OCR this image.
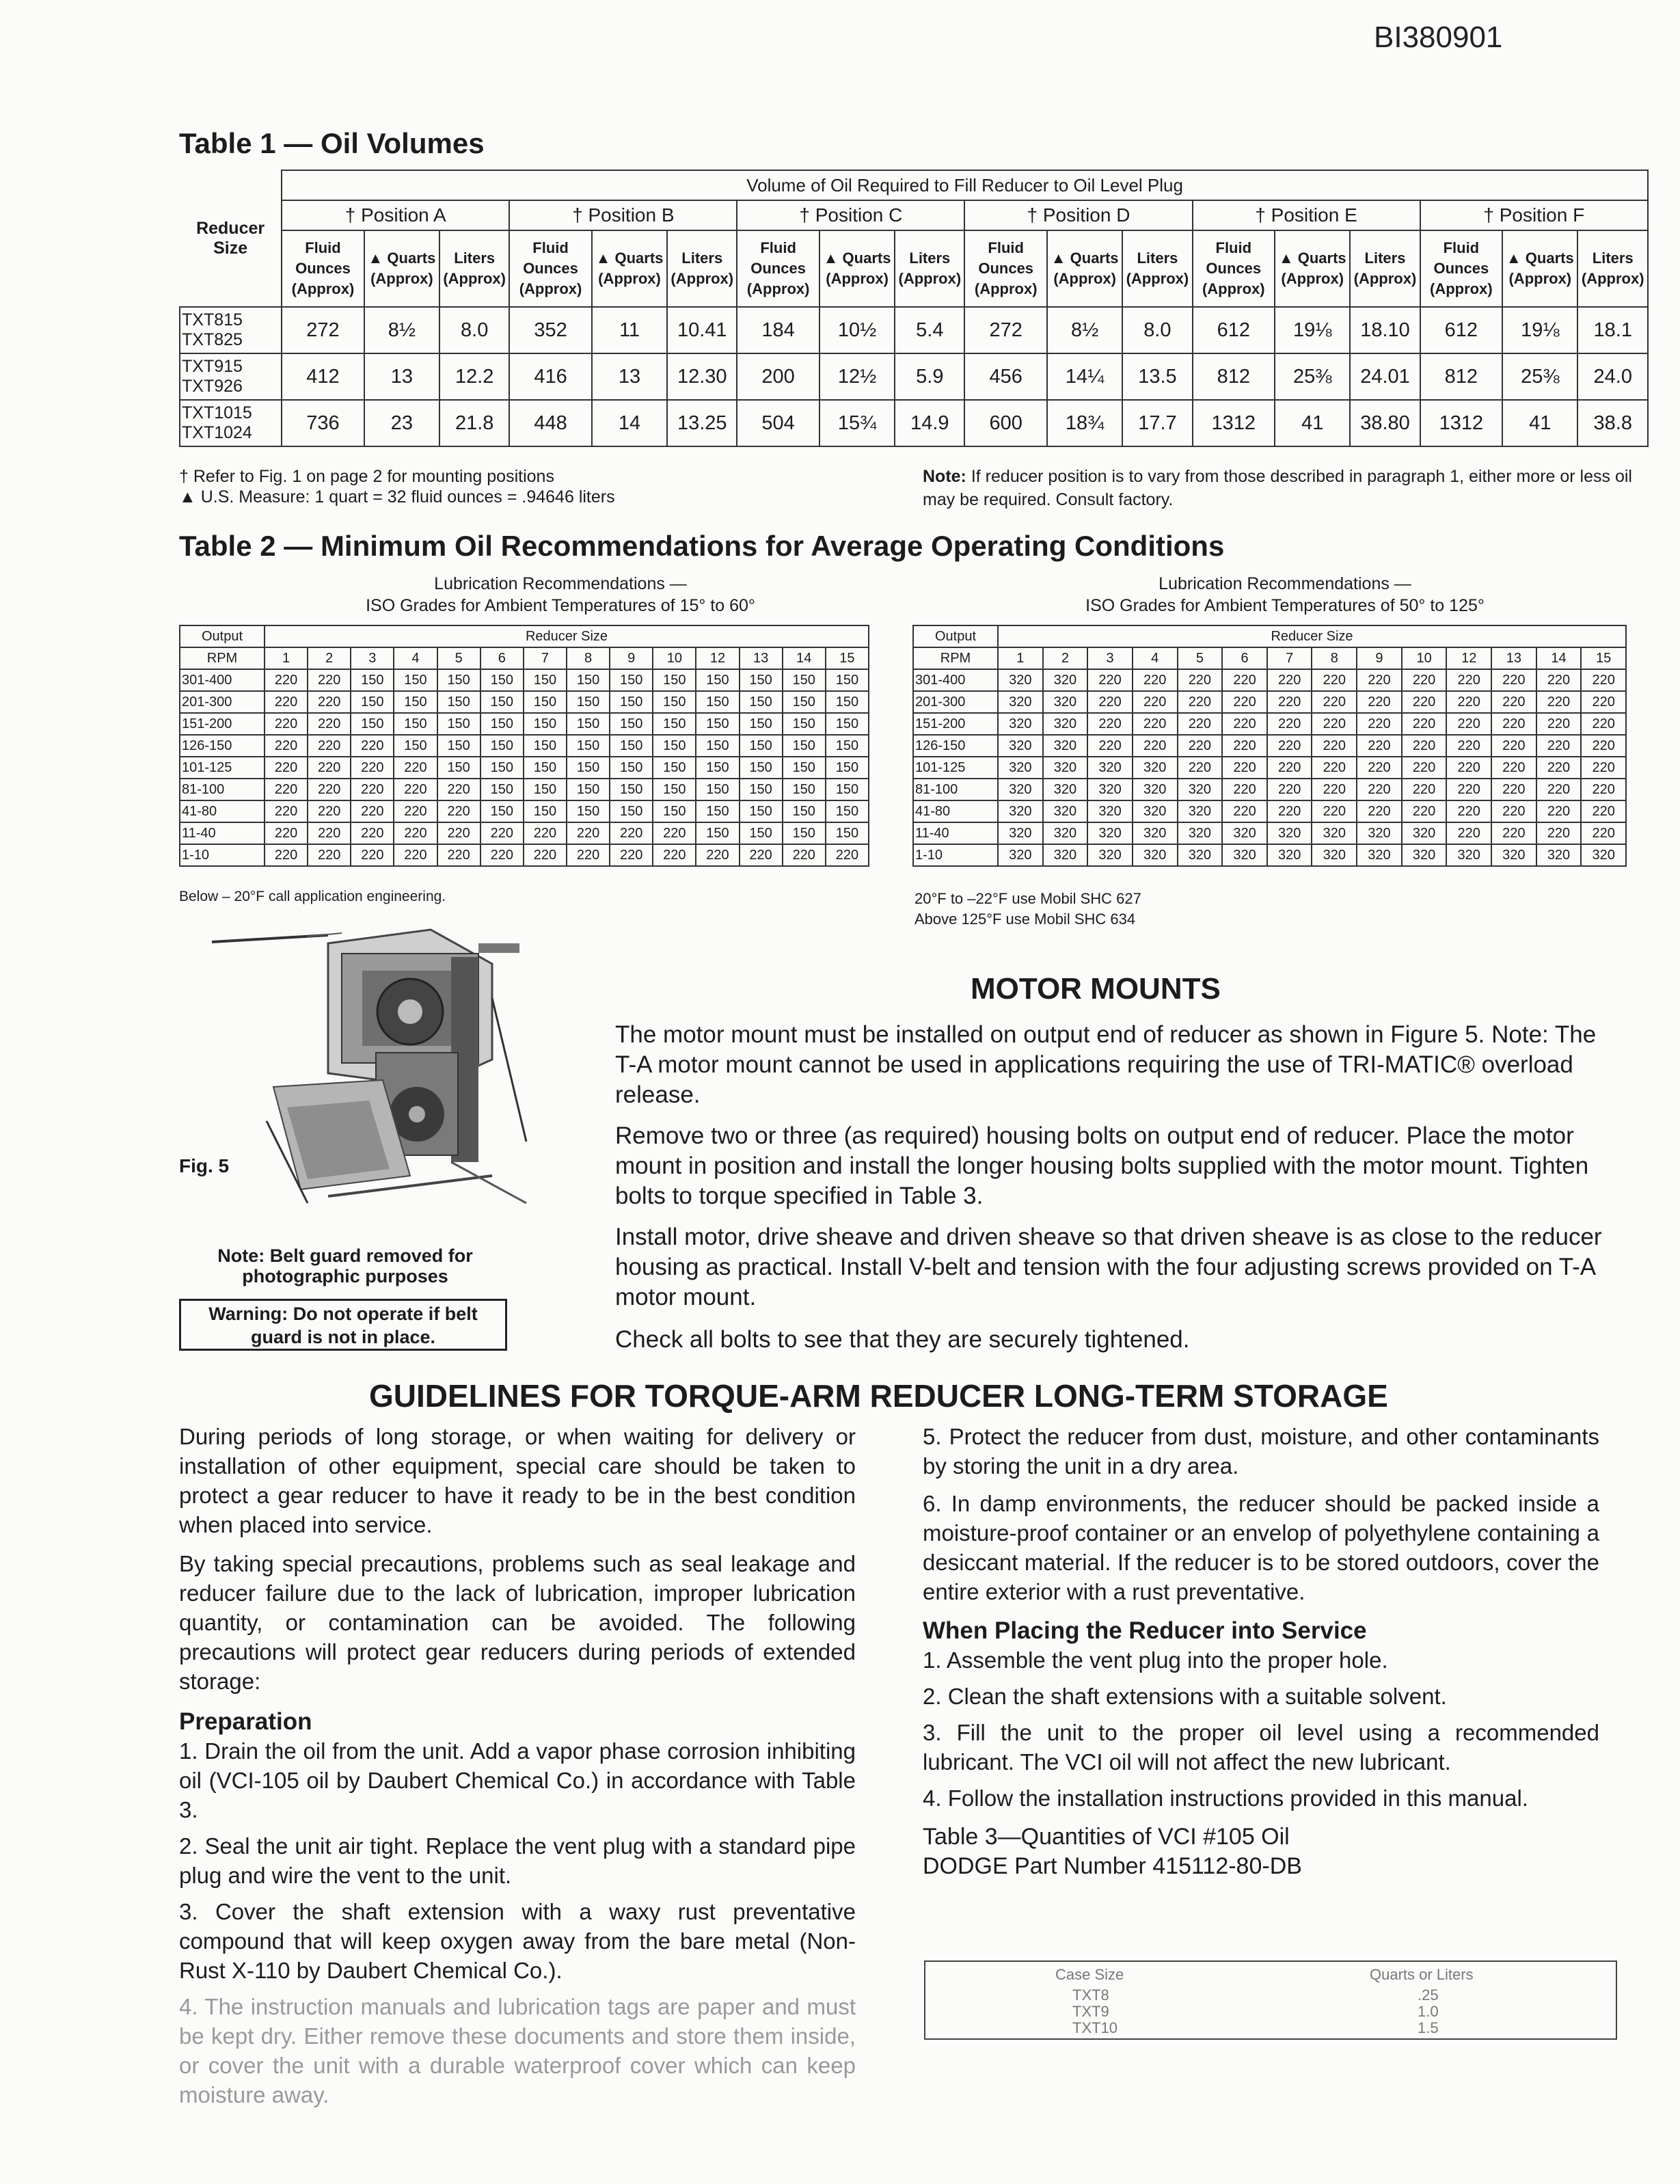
BI380901
Table 1 — Oil Volumes
Reducer Size	Volume of Oil Required to Fill Reducer to Oil Level Plug																	
	† Position A			† Position B			† Position C			† Position D			† Position E			† Position F		
	Fluid Ounces (Approx)	▲ Quarts (Approx)	Liters (Approx)	Fluid Ounces (Approx)	▲ Quarts (Approx)	Liters (Approx)	Fluid Ounces (Approx)	▲ Quarts (Approx)	Liters (Approx)	Fluid Ounces (Approx)	▲ Quarts (Approx)	Liters (Approx)	Fluid Ounces (Approx)	▲ Quarts (Approx)	Liters (Approx)	Fluid Ounces (Approx)	▲ Quarts (Approx)	Liters (Approx)
TXT815 TXT825	272	8½	8.0	352	11	10.41	184	10½	5.4	272	8½	8.0	612	19⅛	18.10	612	19⅛	18.1
TXT915 TXT926	412	13	12.2	416	13	12.30	200	12½	5.9	456	14¼	13.5	812	25⅜	24.01	812	25⅜	24.0
TXT1015 TXT1024	736	23	21.8	448	14	13.25	504	15¾	14.9	600	18¾	17.7	1312	41	38.80	1312	41	38.8
† Refer to Fig. 1 on page 2 for mounting positions
▲ U.S. Measure: 1 quart = 32 fluid ounces = .94646 liters
Note: If reducer position is to vary from those described in paragraph 1, either more or less oil may be required. Consult factory.
Table 2 — Minimum Oil Recommendations for Average Operating Conditions
Lubrication Recommendations —
ISO Grades for Ambient Temperatures of 15° to 60°
Lubrication Recommendations —
ISO Grades for Ambient Temperatures of 50° to 125°
Output	Reducer Size													
RPM	1	2	3	4	5	6	7	8	9	10	12	13	14	15
301-400	220	220	150	150	150	150	150	150	150	150	150	150	150	150
201-300	220	220	150	150	150	150	150	150	150	150	150	150	150	150
151-200	220	220	150	150	150	150	150	150	150	150	150	150	150	150
126-150	220	220	220	150	150	150	150	150	150	150	150	150	150	150
101-125	220	220	220	220	150	150	150	150	150	150	150	150	150	150
81-100	220	220	220	220	220	150	150	150	150	150	150	150	150	150
41-80	220	220	220	220	220	150	150	150	150	150	150	150	150	150
11-40	220	220	220	220	220	220	220	220	220	220	150	150	150	150
1-10	220	220	220	220	220	220	220	220	220	220	220	220	220	220
Output	Reducer Size													
RPM	1	2	3	4	5	6	7	8	9	10	12	13	14	15
301-400	320	320	220	220	220	220	220	220	220	220	220	220	220	220
201-300	320	320	220	220	220	220	220	220	220	220	220	220	220	220
151-200	320	320	220	220	220	220	220	220	220	220	220	220	220	220
126-150	320	320	220	220	220	220	220	220	220	220	220	220	220	220
101-125	320	320	320	320	220	220	220	220	220	220	220	220	220	220
81-100	320	320	320	320	320	220	220	220	220	220	220	220	220	220
41-80	320	320	320	320	320	220	220	220	220	220	220	220	220	220
11-40	320	320	320	320	320	320	320	320	320	320	220	220	220	220
1-10	320	320	320	320	320	320	320	320	320	320	320	320	320	320
Below – 20°F call application engineering.	20°F to –22°F use Mobil SHC 627
Above 125°F use Mobil SHC 634
Fig. 5
Note: Belt guard removed for photographic purposes
Warning: Do not operate if belt guard is not in place.
MOTOR MOUNTS
The motor mount must be installed on output end of reducer as shown in Figure 5. Note: The T-A motor mount cannot be used in applications requiring the use of TRI-MATIC® overload release.
Remove two or three (as required) housing bolts on output end of reducer. Place the motor mount in position and install the longer housing bolts supplied with the motor mount. Tighten bolts to torque specified in Table 3.
Install motor, drive sheave and driven sheave so that driven sheave is as close to the reducer housing as practical. Install V-belt and tension with the four adjusting screws provided on T-A motor mount.
Check all bolts to see that they are securely tightened.
GUIDELINES FOR TORQUE-ARM REDUCER LONG-TERM STORAGE
During periods of long storage, or when waiting for delivery or installation of other equipment, special care should be taken to protect a gear reducer to have it ready to be in the best condition when placed into service.
By taking special precautions, problems such as seal leakage and reducer failure due to the lack of lubrication, improper lubrication quantity, or contamination can be avoided. The following precautions will protect gear reducers during periods of extended storage:
Preparation
1. Drain the oil from the unit. Add a vapor phase corrosion inhibiting oil (VCI-105 oil by Daubert Chemical Co.) in accordance with Table 3.
2. Seal the unit air tight. Replace the vent plug with a standard pipe plug and wire the vent to the unit.
3. Cover the shaft extension with a waxy rust preventative compound that will keep oxygen away from the bare metal (Non-Rust X-110 by Daubert Chemical Co.).
4. The instruction manuals and lubrication tags are paper and must be kept dry. Either remove these documents and store them inside, or cover the unit with a durable waterproof cover which can keep moisture away.
5. Protect the reducer from dust, moisture, and other contaminants by storing the unit in a dry area.
6. In damp environments, the reducer should be packed inside a moisture-proof container or an envelop of polyethylene containing a desiccant material. If the reducer is to be stored outdoors, cover the entire exterior with a rust preventative.
When Placing the Reducer into Service
1. Assemble the vent plug into the proper hole.
2. Clean the shaft extensions with a suitable solvent.
3. Fill the unit to the proper oil level using a recommended lubricant. The VCI oil will not affect the new lubricant.
4. Follow the installation instructions provided in this manual.
Table 3—Quantities of VCI #105 Oil
DODGE Part Number 415112-80-DB
Case Size	Quarts or Liters
TXT8	.25
TXT9	1.0
TXT10	1.5
